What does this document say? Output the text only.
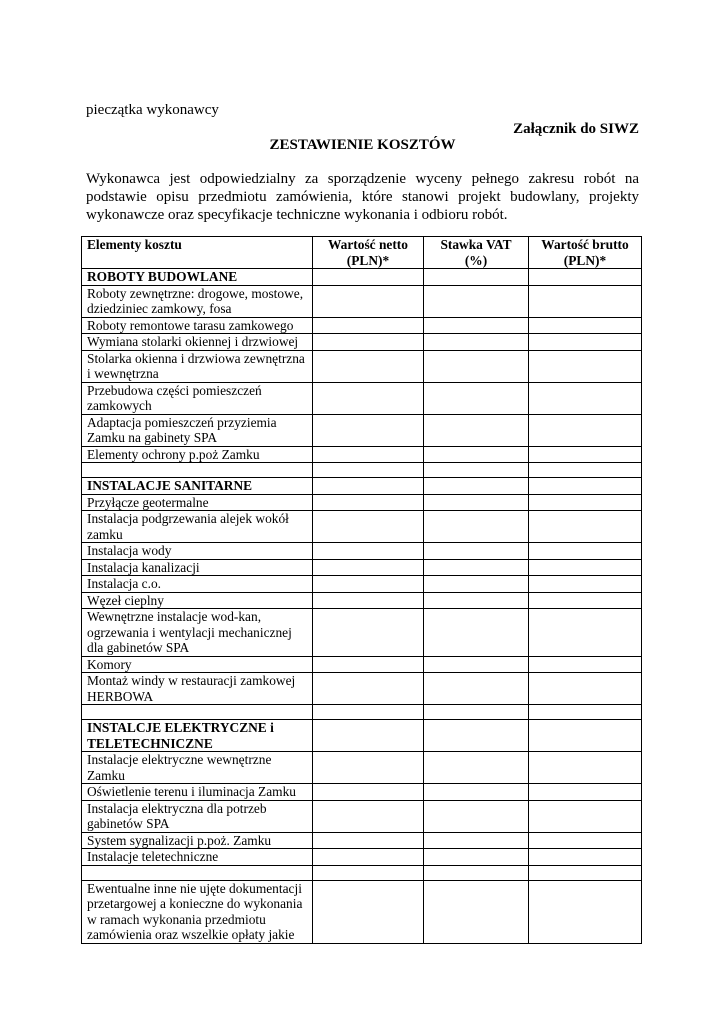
pieczątka wykonawcy
Załącznik do SIWZ
ZESTAWIENIE KOSZTÓW
Wykonawca jest odpowiedzialny za sporządzenie wyceny pełnego zakresu robót na podstawie opisu przedmiotu zamówienia, które stanowi projekt budowlany, projekty wykonawcze oraz specyfikacje techniczne wykonania i odbioru robót.
Elementy kosztu	Wartość netto (PLN)*	Stawka VAT (%)	Wartość brutto (PLN)*
ROBOTY BUDOWLANE			
Roboty zewnętrzne: drogowe, mostowe, dziedziniec zamkowy, fosa			
Roboty remontowe tarasu zamkowego			
Wymiana stolarki okiennej i drzwiowej			
Stolarka okienna i drzwiowa zewnętrzna i wewnętrzna			
Przebudowa części pomieszczeń zamkowych			
Adaptacja pomieszczeń przyziemia Zamku na gabinety SPA			
Elementy ochrony p.poż Zamku			

INSTALACJE SANITARNE			
Przyłącze geotermalne			
Instalacja podgrzewania alejek wokół zamku			
Instalacja wody			
Instalacja kanalizacji			
Instalacja c.o.			
Węzeł cieplny			
Wewnętrzne instalacje wod-kan, ogrzewania i wentylacji mechanicznej dla gabinetów SPA			
Komory			
Montaż windy w restauracji zamkowej HERBOWA			

INSTALCJE ELEKTRYCZNE i TELETECHNICZNE			
Instalacje elektryczne wewnętrzne Zamku			
Oświetlenie terenu i iluminacja Zamku			
Instalacja elektryczna dla potrzeb gabinetów SPA			
System sygnalizacji p.poż. Zamku			
Instalacje teletechniczne			

Ewentualne inne nie ujęte dokumentacji przetargowej a konieczne do wykonania w ramach wykonania przedmiotu zamówienia oraz wszelkie opłaty jakie			
